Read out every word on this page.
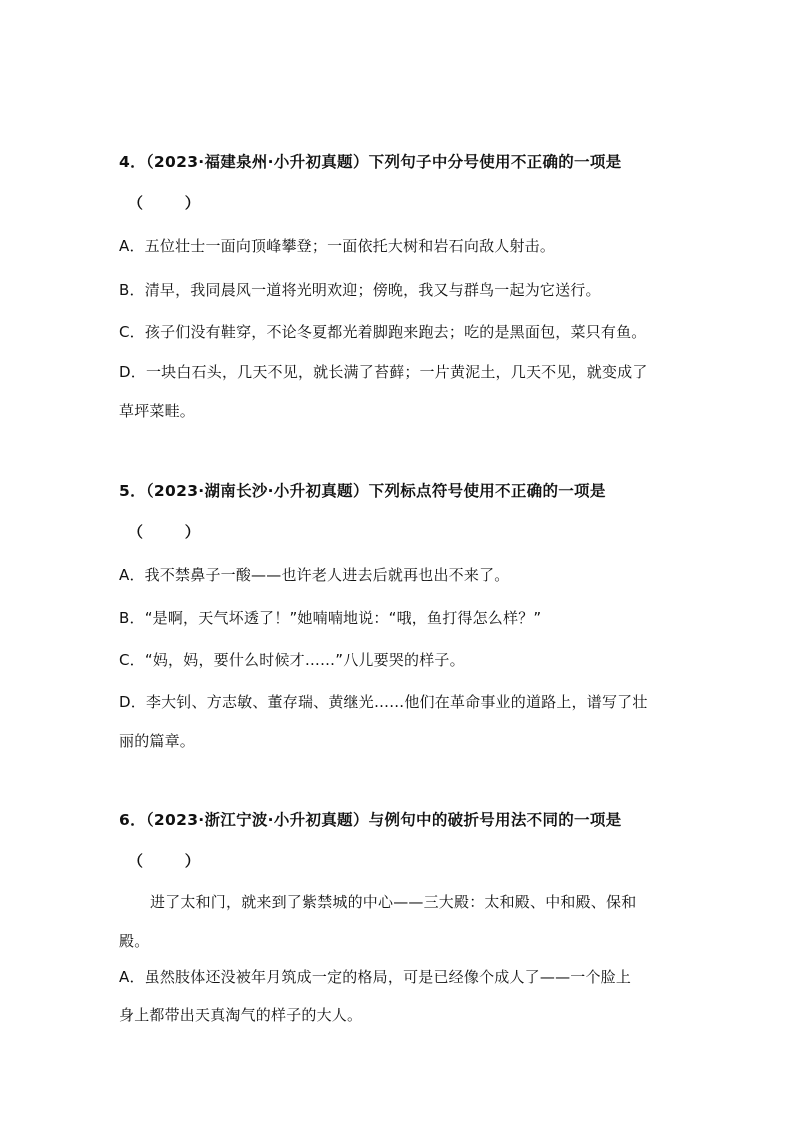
4．（2023·福建泉州·小升初真题）下列句子中分号使用不正确的一项是
（        ）
A．五位壮士一面向顶峰攀登；一面依托大树和岩石向敌人射击。
B．清早，我同晨风一道将光明欢迎；傍晚，我又与群鸟一起为它送行。
C．孩子们没有鞋穿，不论冬夏都光着脚跑来跑去；吃的是黑面包，菜只有鱼。
D．一块白石头，几天不见，就长满了苔藓；一片黄泥土，几天不见，就变成了
草坪菜畦。
5．（2023·湖南长沙·小升初真题）下列标点符号使用不正确的一项是
（        ）
A．我不禁鼻子一酸——也许老人进去后就再也出不来了。
B．“是啊，天气坏透了！”她喃喃地说：“哦，鱼打得怎么样？”
C．“妈，妈，要什么时候才……”八儿要哭的样子。
D．李大钊、方志敏、董存瑞、黄继光……他们在革命事业的道路上，谱写了壮
丽的篇章。
6．（2023·浙江宁波·小升初真题）与例句中的破折号用法不同的一项是
（        ）
进了太和门，就来到了紫禁城的中心——三大殿：太和殿、中和殿、保和
殿。
A．虽然肢体还没被年月筑成一定的格局，可是已经像个成人了——一个脸上
身上都带出天真淘气的样子的大人。
